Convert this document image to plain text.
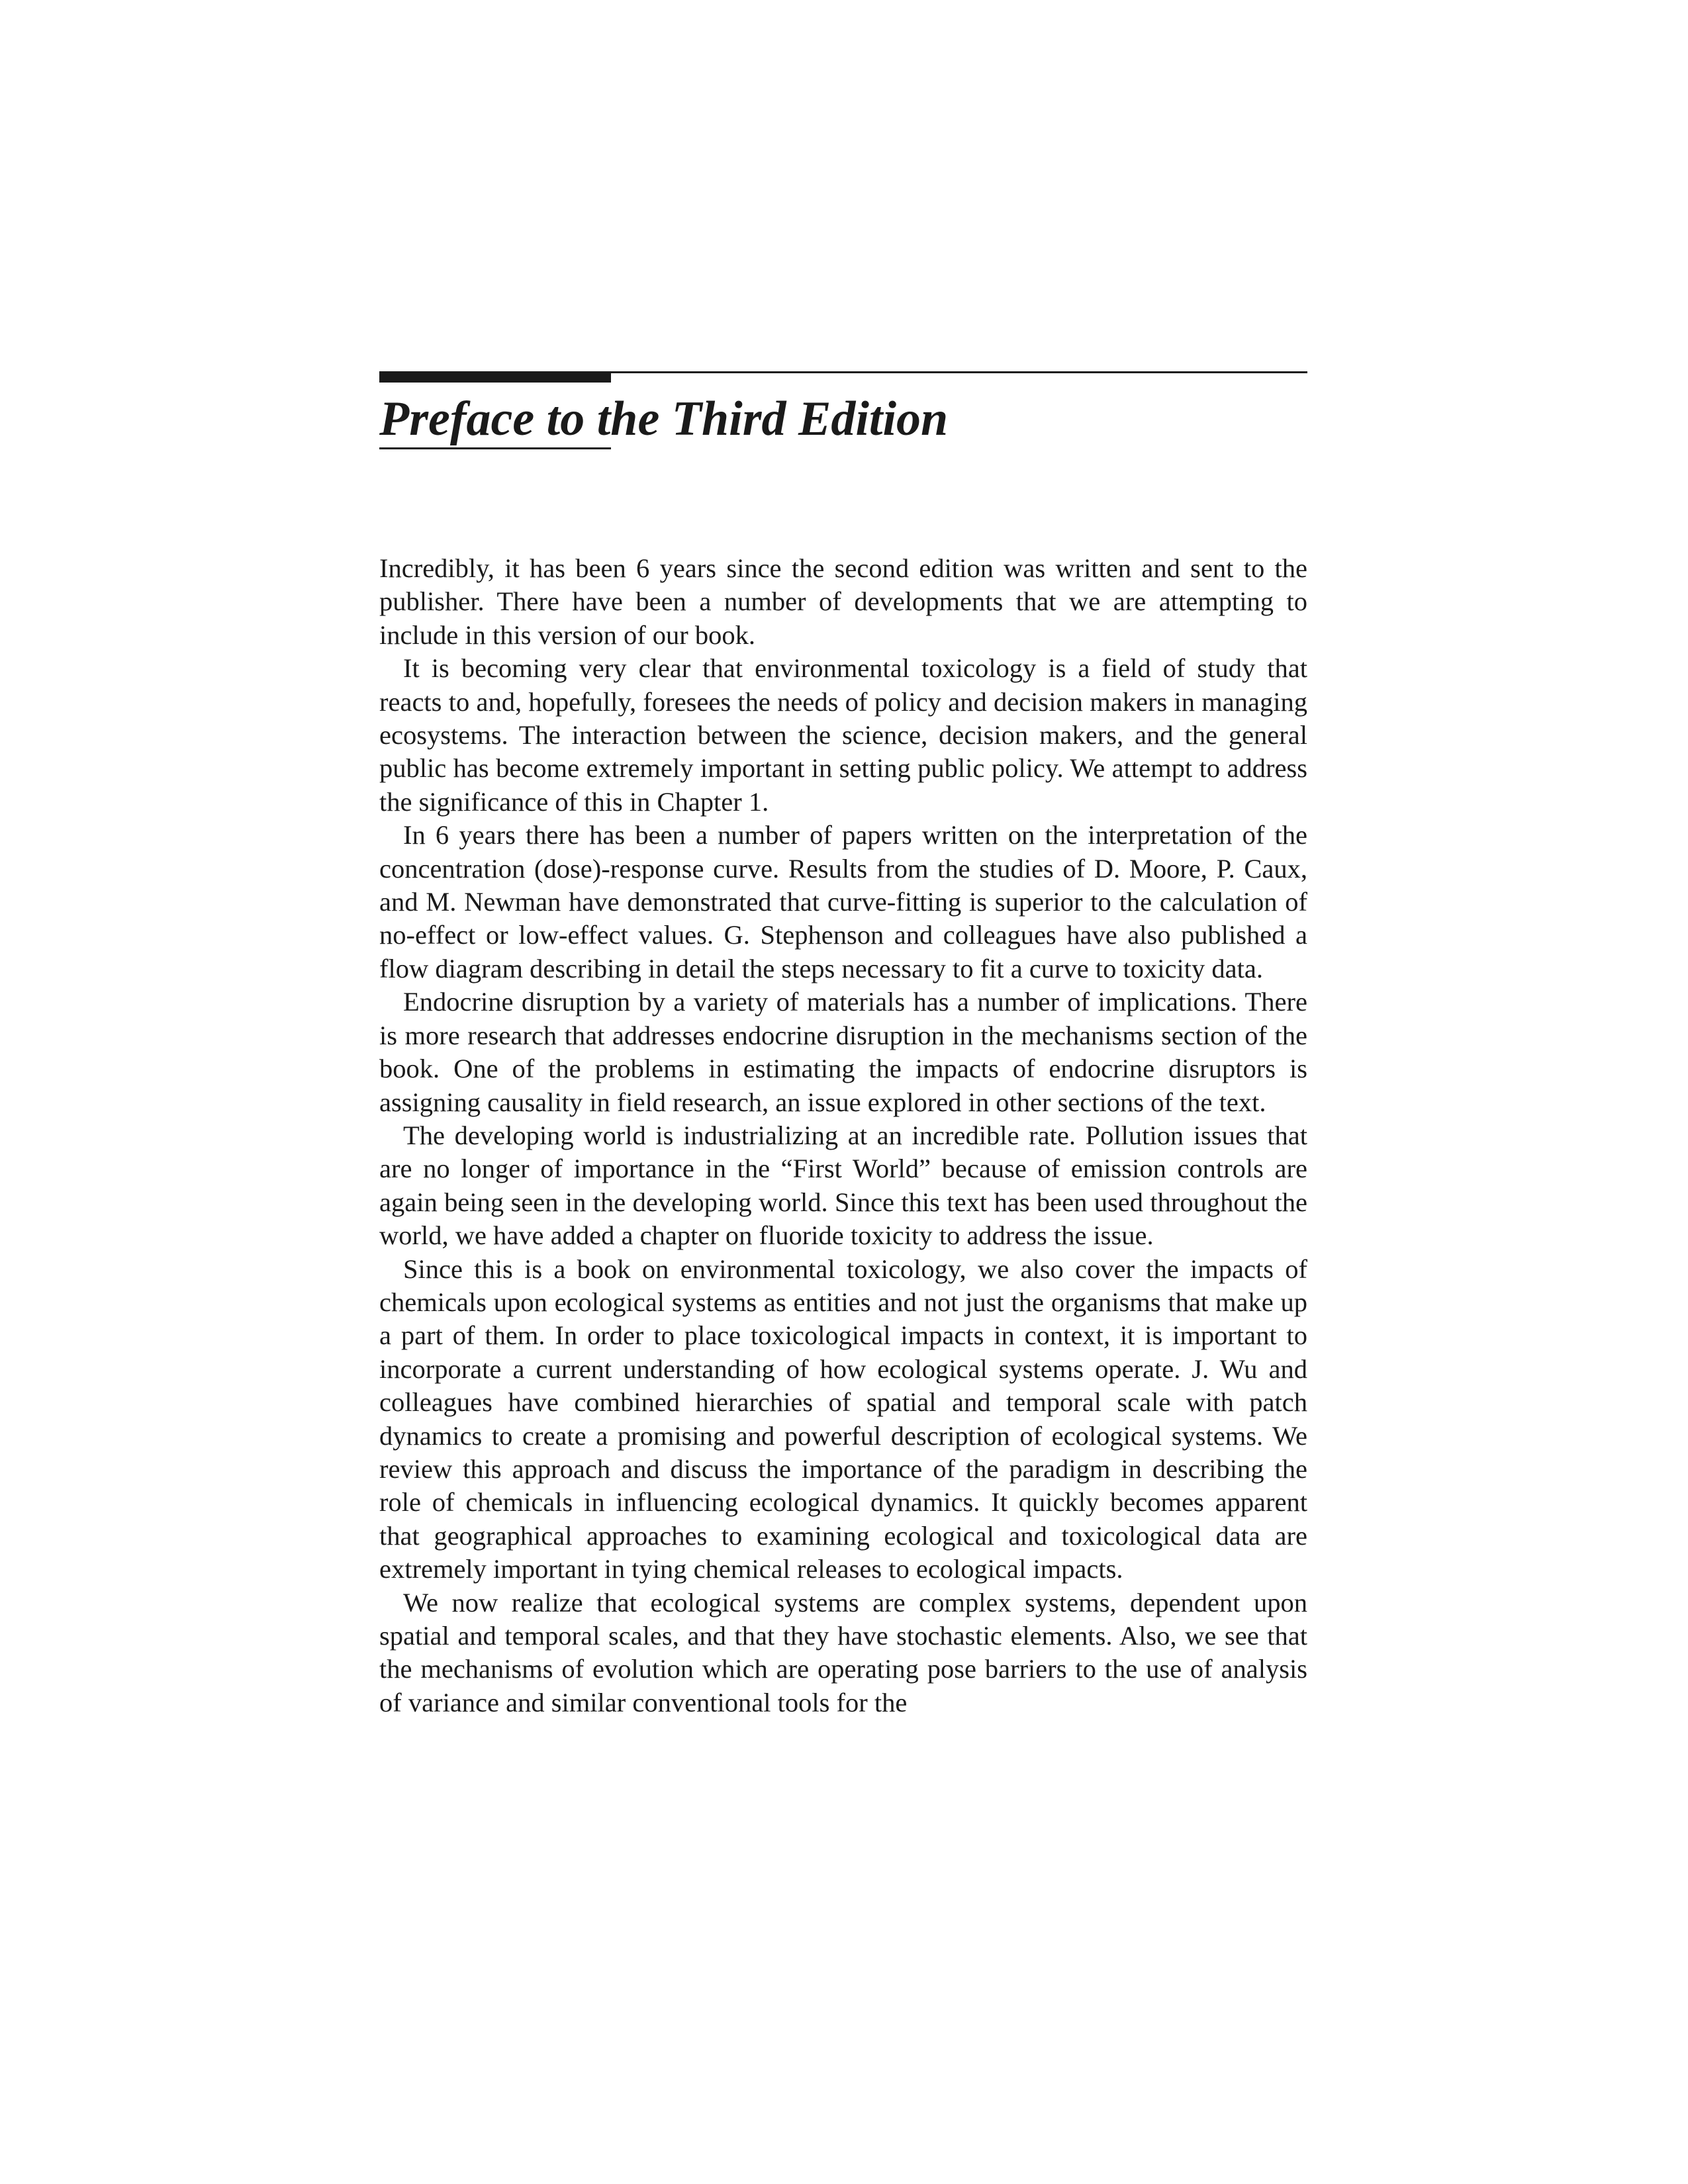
Preface to the Third Edition

Incredibly, it has been 6 years since the second edition was written and sent to the publisher. There have been a number of developments that we are attempting to include in this version of our book.

It is becoming very clear that environmental toxicology is a field of study that reacts to and, hopefully, foresees the needs of policy and decision makers in managing ecosystems. The interaction between the science, decision makers, and the general public has become extremely important in setting public policy. We attempt to address the significance of this in Chapter 1.

In 6 years there has been a number of papers written on the interpretation of the concentration (dose)-response curve. Results from the studies of D. Moore, P. Caux, and M. Newman have demonstrated that curve-fitting is superior to the calculation of no-effect or low-effect values. G. Stephenson and colleagues have also published a flow diagram describing in detail the steps necessary to fit a curve to toxicity data.

Endocrine disruption by a variety of materials has a number of implications. There is more research that addresses endocrine disruption in the mechanisms section of the book. One of the problems in estimating the impacts of endocrine disruptors is assigning causality in field research, an issue explored in other sections of the text.

The developing world is industrializing at an incredible rate. Pollution issues that are no longer of importance in the “First World” because of emission controls are again being seen in the developing world. Since this text has been used throughout the world, we have added a chapter on fluoride toxicity to address the issue.

Since this is a book on environmental toxicology, we also cover the impacts of chemicals upon ecological systems as entities and not just the organisms that make up a part of them. In order to place toxicological impacts in context, it is important to incorporate a current understanding of how ecological systems operate. J. Wu and colleagues have combined hierarchies of spatial and temporal scale with patch dynamics to create a promising and powerful description of ecological systems. We review this approach and discuss the importance of the paradigm in describing the role of chemicals in influencing ecological dynamics. It quickly becomes apparent that geographical approaches to examining ecological and toxicological data are extremely important in tying chemical releases to ecological impacts.

We now realize that ecological systems are complex systems, dependent upon spatial and temporal scales, and that they have stochastic elements. Also, we see that the mechanisms of evolution which are operating pose barriers to the use of analysis of variance and similar conventional tools for the
